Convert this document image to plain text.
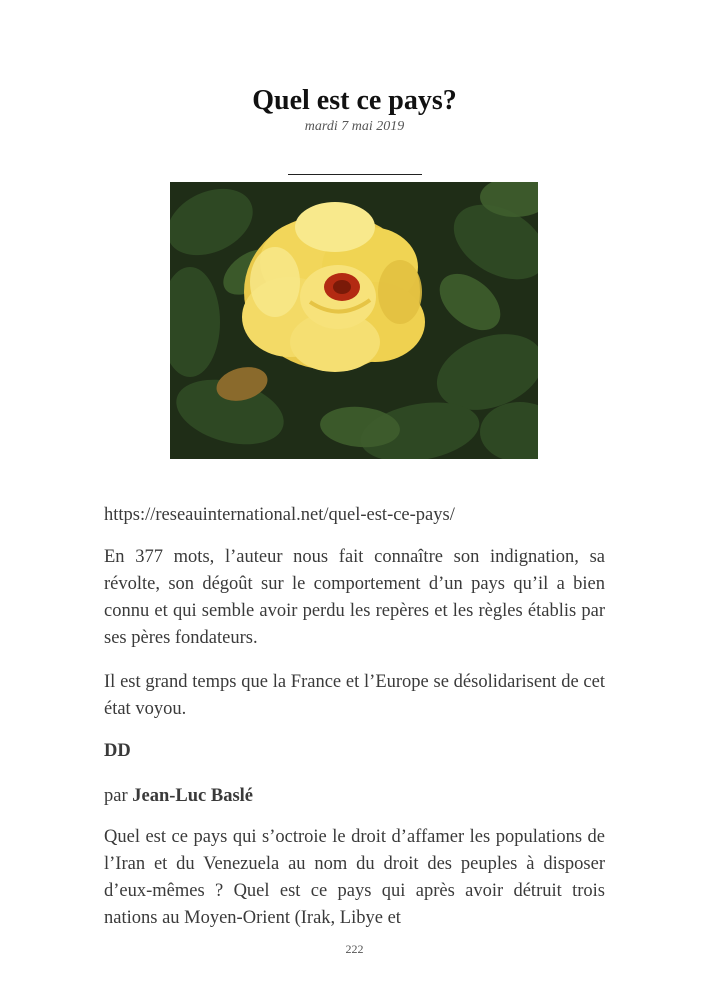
Quel est ce pays?
mardi 7 mai 2019
https://reseauinternational.net/quel-est-ce-pays/
En 377 mots, l’auteur nous fait connaître son indignation, sa révolte, son dégoût sur le comportement d’un pays qu’il a bien connu et qui semble avoir perdu les repères et les règles établis par ses pères fondateurs.
Il est grand temps que la France et l’Europe se désolidarisent de cet état voyou.
DD
par Jean-Luc Baslé
Quel est ce pays qui s’octroie le droit d’affamer les populations de l’Iran et du Venezuela au nom du droit des peuples à disposer d’eux-mêmes ? Quel est ce pays qui après avoir détruit trois nations au Moyen-Orient (Irak, Libye et
222
